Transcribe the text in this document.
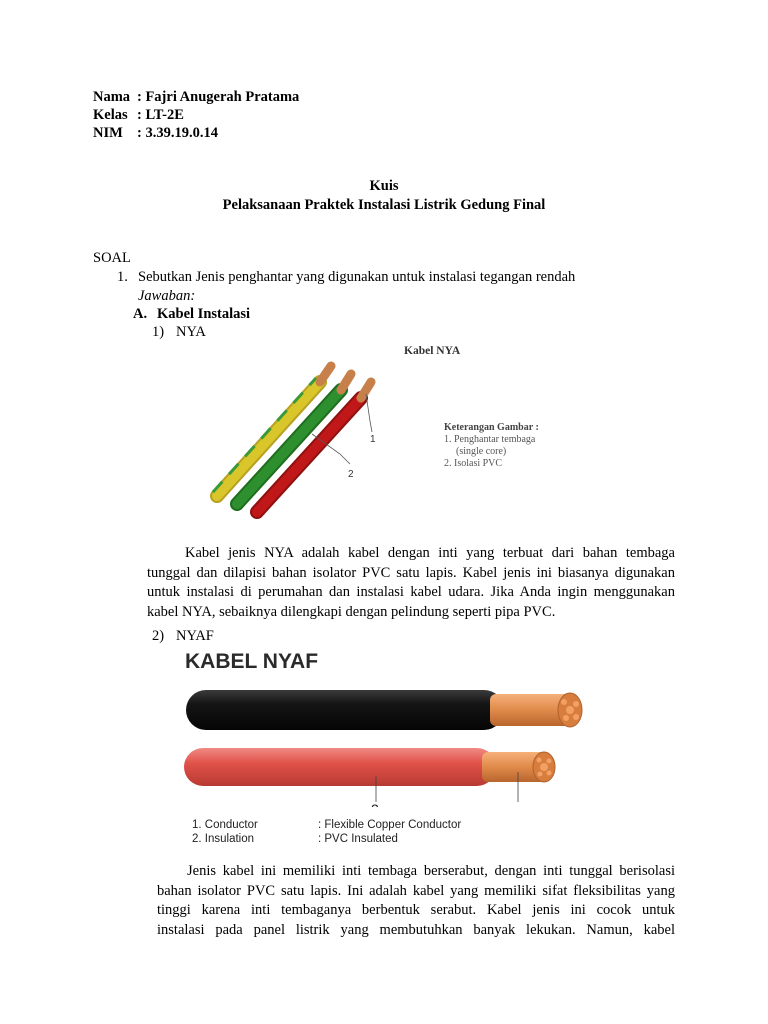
Nama : Fajri Anugerah Pratama
Kelas : LT-2E
NIM : 3.39.19.0.14
Kuis
Pelaksanaan Praktek Instalasi Listrik Gedung Final
SOAL
1. Sebutkan Jenis penghantar yang digunakan untuk instalasi tegangan rendah
Jawaban:
A. Kabel Instalasi
1) NYA
Kabel NYA
1
2
Keterangan Gambar :
1. Penghantar tembaga
(single core)
2. Isolasi PVC
Kabel jenis NYA adalah kabel dengan inti yang terbuat dari bahan tembaga
tunggal dan dilapisi bahan isolator PVC satu lapis. Kabel jenis ini biasanya digunakan
untuk instalasi di perumahan dan instalasi kabel udara. Jika Anda ingin menggunakan
kabel NYA, sebaiknya dilengkapi dengan pelindung seperti pipa PVC.
2) NYAF
KABEL NYAF
1. Conductor	: Flexible Copper Conductor
2. Insulation	: PVC Insulated
Jenis kabel ini memiliki inti tembaga berserabut, dengan inti tunggal berisolasi
bahan isolator PVC satu lapis. Ini adalah kabel yang memiliki sifat fleksibilitas yang
tinggi karena inti tembaganya berbentuk serabut. Kabel jenis ini cocok untuk
instalasi pada panel listrik yang membutuhkan banyak lekukan. Namun, kabel
